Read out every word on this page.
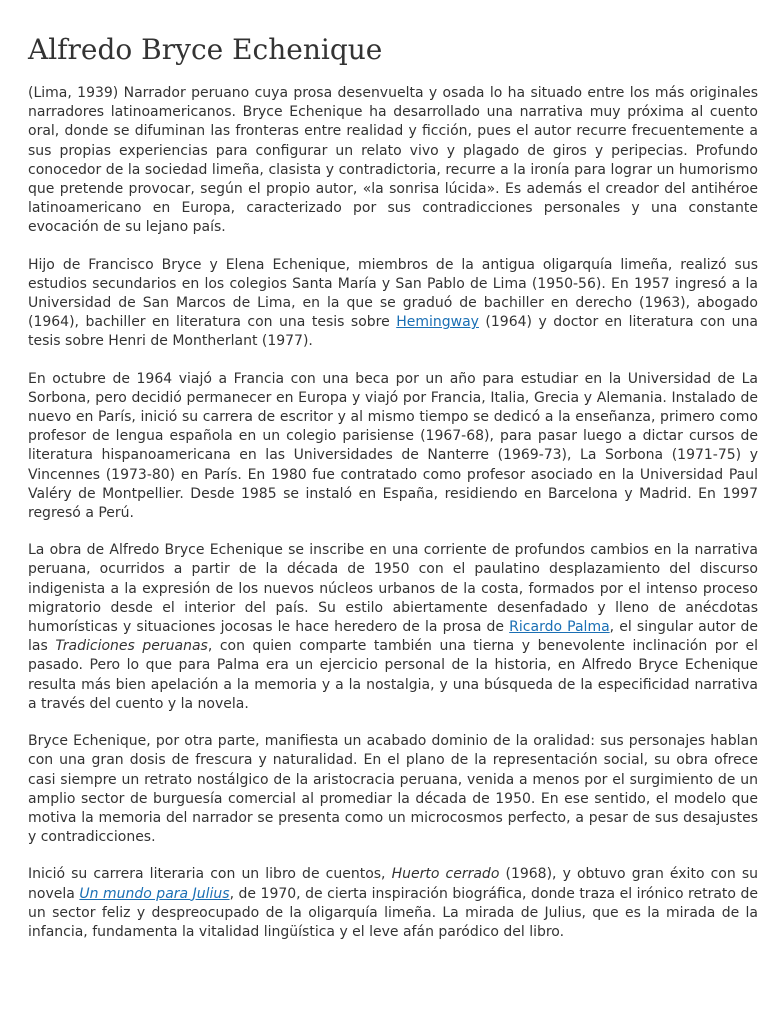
Alfredo Bryce Echenique

(Lima, 1939) Narrador peruano cuya prosa desenvuelta y osada lo ha situado entre los más originales narradores latinoamericanos. Bryce Echenique ha desarrollado una narrativa muy próxima al cuento oral, donde se difuminan las fronteras entre realidad y ficción, pues el autor recurre frecuentemente a sus propias experiencias para configurar un relato vivo y plagado de giros y peripecias. Profundo conocedor de la sociedad limeña, clasista y contradictoria, recurre a la ironía para lograr un humorismo que pretende provocar, según el propio autor, «la sonrisa lúcida». Es además el creador del antihéroe latinoamericano en Europa, caracterizado por sus contradicciones personales y una constante evocación de su lejano país.

Hijo de Francisco Bryce y Elena Echenique, miembros de la antigua oligarquía limeña, realizó sus estudios secundarios en los colegios Santa María y San Pablo de Lima (1950-56). En 1957 ingresó a la Universidad de San Marcos de Lima, en la que se graduó de bachiller en derecho (1963), abogado (1964), bachiller en literatura con una tesis sobre Hemingway (1964) y doctor en literatura con una tesis sobre Henri de Montherlant (1977).

En octubre de 1964 viajó a Francia con una beca por un año para estudiar en la Universidad de La Sorbona, pero decidió permanecer en Europa y viajó por Francia, Italia, Grecia y Alemania. Instalado de nuevo en París, inició su carrera de escritor y al mismo tiempo se dedicó a la enseñanza, primero como profesor de lengua española en un colegio parisiense (1967-68), para pasar luego a dictar cursos de literatura hispanoamericana en las Universidades de Nanterre (1969-73), La Sorbona (1971-75) y Vincennes (1973-80) en París. En 1980 fue contratado como profesor asociado en la Universidad Paul Valéry de Montpellier. Desde 1985 se instaló en España, residiendo en Barcelona y Madrid. En 1997 regresó a Perú.

La obra de Alfredo Bryce Echenique se inscribe en una corriente de profundos cambios en la narrativa peruana, ocurridos a partir de la década de 1950 con el paulatino desplazamiento del discurso indigenista a la expresión de los nuevos núcleos urbanos de la costa, formados por el intenso proceso migratorio desde el interior del país. Su estilo abiertamente desenfadado y lleno de anécdotas humorísticas y situaciones jocosas le hace heredero de la prosa de Ricardo Palma, el singular autor de las Tradiciones peruanas, con quien comparte también una tierna y benevolente inclinación por el pasado. Pero lo que para Palma era un ejercicio personal de la historia, en Alfredo Bryce Echenique resulta más bien apelación a la memoria y a la nostalgia, y una búsqueda de la especificidad narrativa a través del cuento y la novela.

Bryce Echenique, por otra parte, manifiesta un acabado dominio de la oralidad: sus personajes hablan con una gran dosis de frescura y naturalidad. En el plano de la representación social, su obra ofrece casi siempre un retrato nostálgico de la aristocracia peruana, venida a menos por el surgimiento de un amplio sector de burguesía comercial al promediar la década de 1950. En ese sentido, el modelo que motiva la memoria del narrador se presenta como un microcosmos perfecto, a pesar de sus desajustes y contradicciones.

Inició su carrera literaria con un libro de cuentos, Huerto cerrado (1968), y obtuvo gran éxito con su novela Un mundo para Julius, de 1970, de cierta inspiración biográfica, donde traza el irónico retrato de un sector feliz y despreocupado de la oligarquía limeña. La mirada de Julius, que es la mirada de la infancia, fundamenta la vitalidad lingüística y el leve afán paródico del libro.
